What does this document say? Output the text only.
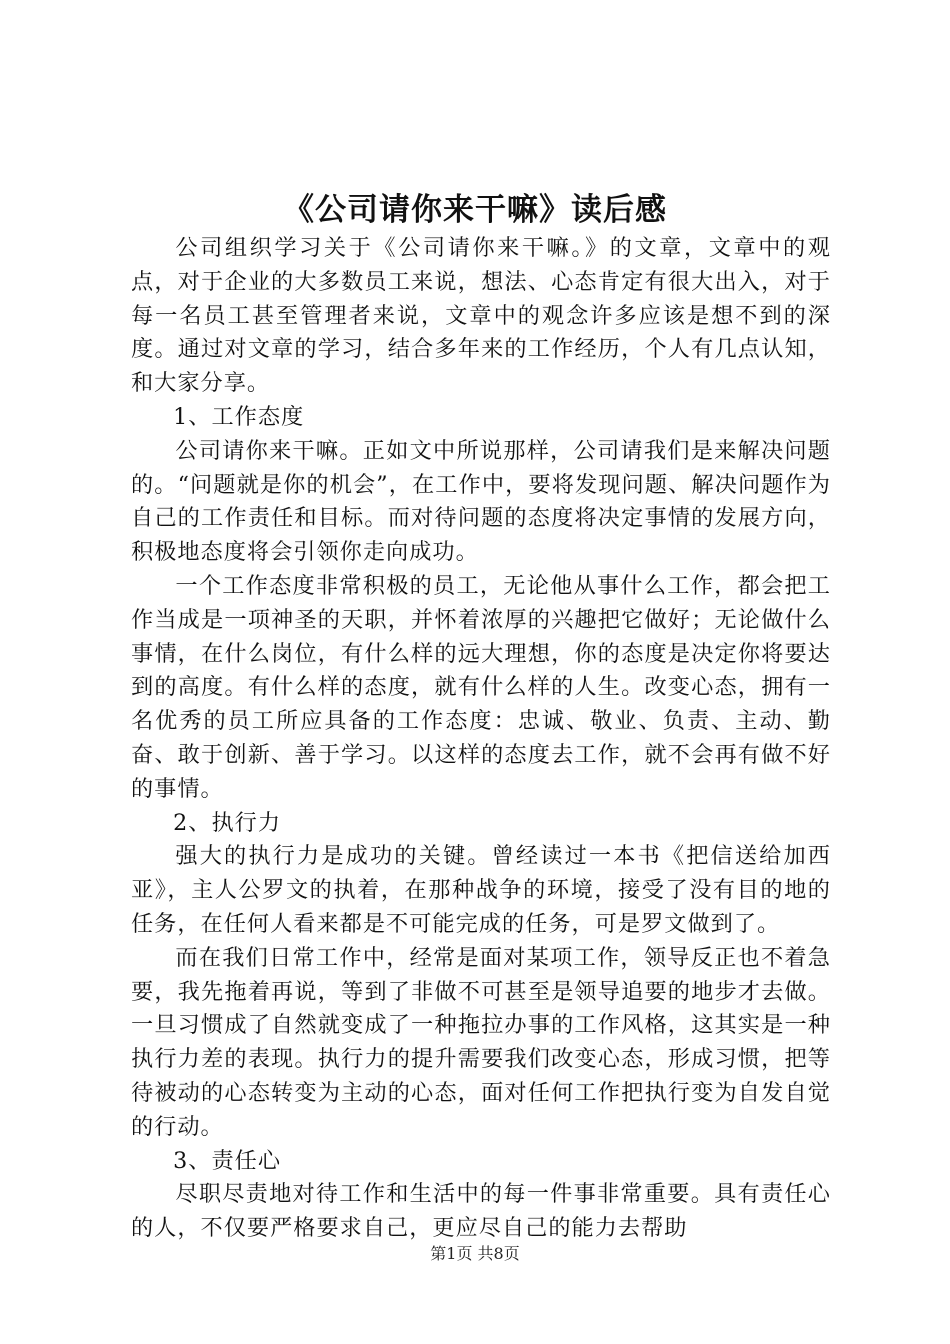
《公司请你来干嘛》读后感

公司组织学习关于《公司请你来干嘛。》的文章，文章中的观点，对于企业的大多数员工来说，想法、心态肯定有很大出入，对于每一名员工甚至管理者来说，文章中的观念许多应该是想不到的深度。通过对文章的学习，结合多年来的工作经历，个人有几点认知，和大家分享。

1、工作态度

公司请你来干嘛。正如文中所说那样，公司请我们是来解决问题的。“问题就是你的机会”，在工作中，要将发现问题、解决问题作为自己的工作责任和目标。而对待问题的态度将决定事情的发展方向，积极地态度将会引领你走向成功。

一个工作态度非常积极的员工，无论他从事什么工作，都会把工作当成是一项神圣的天职，并怀着浓厚的兴趣把它做好；无论做什么事情，在什么岗位，有什么样的远大理想，你的态度是决定你将要达到的高度。有什么样的态度，就有什么样的人生。改变心态，拥有一名优秀的员工所应具备的工作态度：忠诚、敬业、负责、主动、勤奋、敢于创新、善于学习。以这样的态度去工作，就不会再有做不好的事情。

2、执行力

强大的执行力是成功的关键。曾经读过一本书《把信送给加西亚》，主人公罗文的执着，在那种战争的环境，接受了没有目的地的任务，在任何人看来都是不可能完成的任务，可是罗文做到了。

而在我们日常工作中，经常是面对某项工作，领导反正也不着急要，我先拖着再说，等到了非做不可甚至是领导追要的地步才去做。一旦习惯成了自然就变成了一种拖拉办事的工作风格，这其实是一种执行力差的表现。执行力的提升需要我们改变心态，形成习惯，把等待被动的心态转变为主动的心态，面对任何工作把执行变为自发自觉的行动。

3、责任心

尽职尽责地对待工作和生活中的每一件事非常重要。具有责任心的人，不仅要严格要求自己，更应尽自己的能力去帮助

第1页 共8页
